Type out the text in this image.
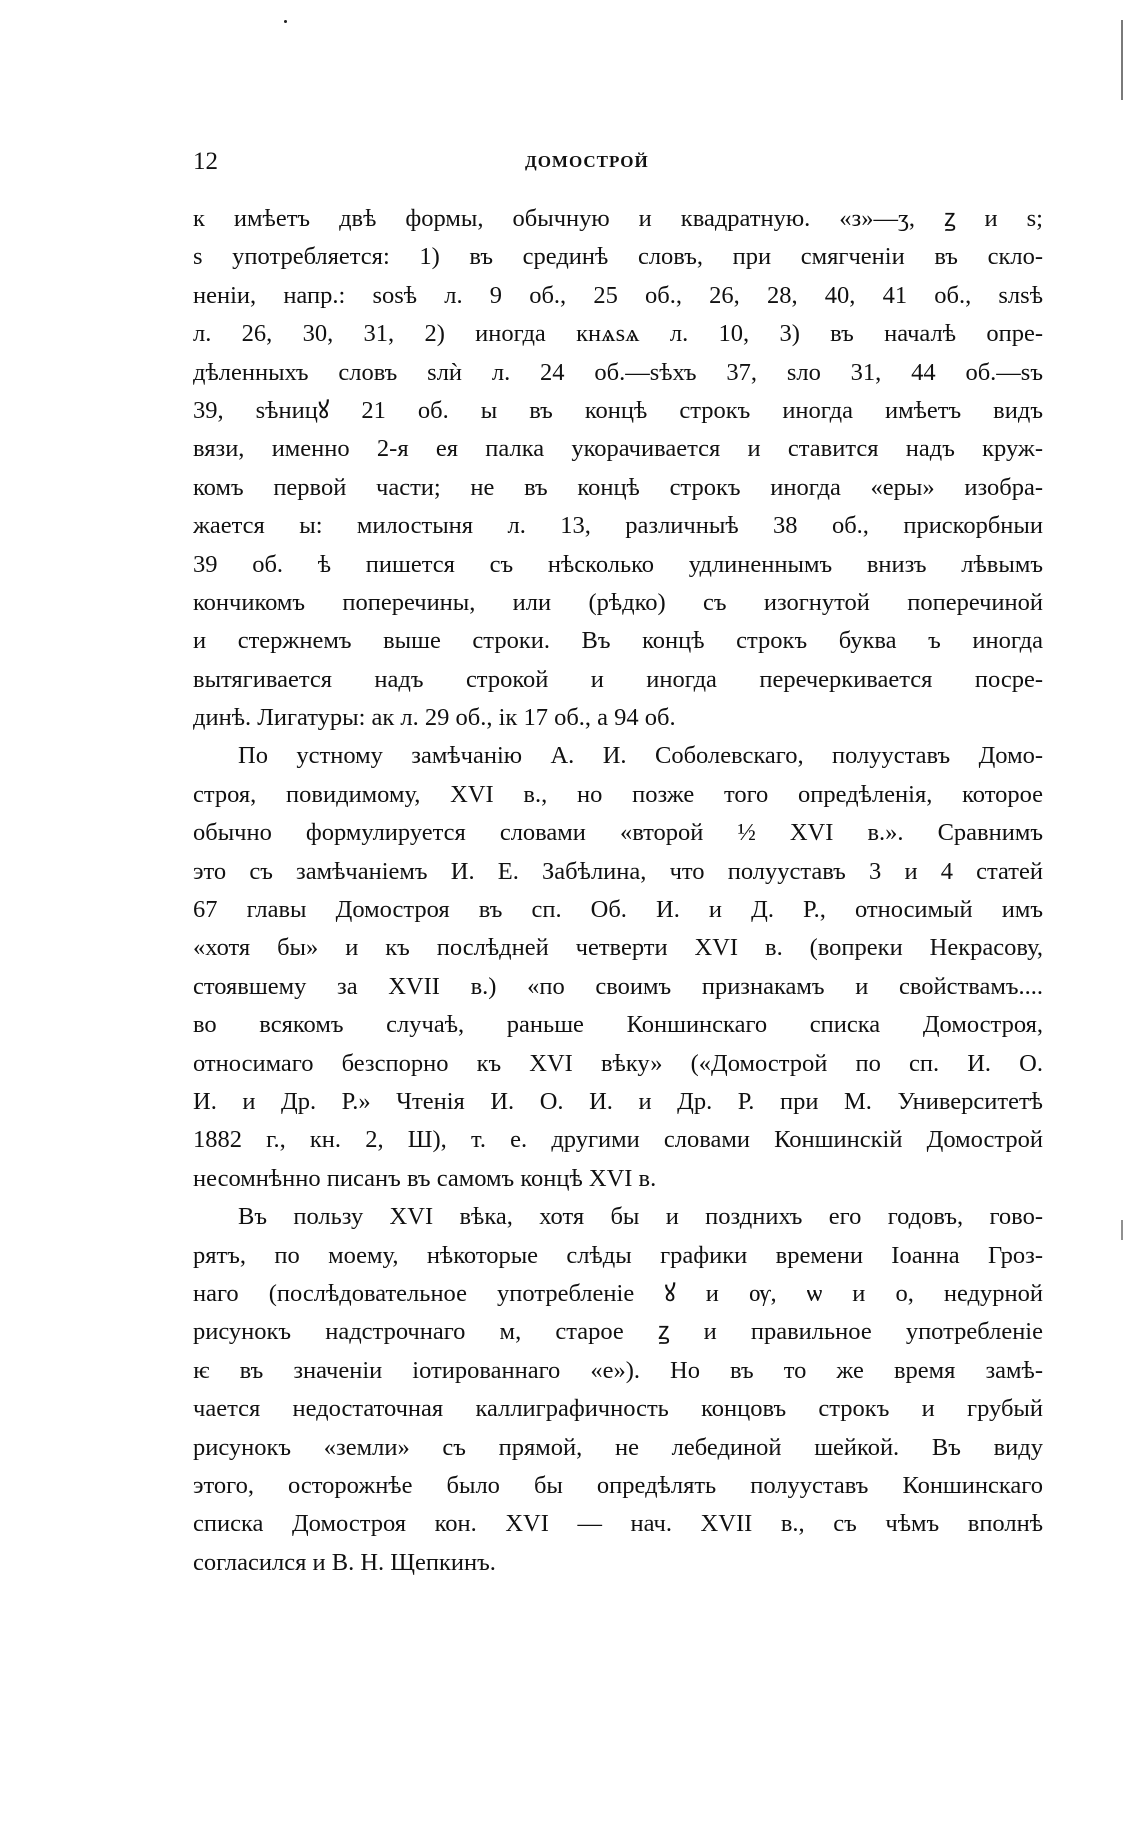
12	ДОМОСТРОЙ
к имѣетъ двѣ формы, обычную и квадратную. «з»—ʒ, ꙁ и ѕ;
ѕ употребляется: 1) въ срединѣ словъ, при смягченіи въ скло-
неніи, напр.: ѕоѕѣ л. 9 об., 25 об., 26, 28, 40, 41 об., ѕлѕѣ
л. 26, 30, 31, 2) иногда кнѧѕѧ л. 10, 3) въ началѣ опре-
дѣленныхъ словъ ѕлѝ л. 24 об.—ѕѣхъ 37, ѕло 31, 44 об.—ѕъ
39, ѕѣницꙋ 21 об. ы въ концѣ строкъ иногда имѣетъ видъ
вязи, именно 2-я ея палка укорачивается и ставится надъ круж-
комъ первой части; не въ концѣ строкъ иногда «еры» изобра-
жается ы: милостыня л. 13, различныѣ 38 об., прискорбныи
39 об. ѣ пишется съ нѣсколько удлиненнымъ внизъ лѣвымъ
кончикомъ поперечины, или (рѣдко) съ изогнутой поперечиной
и стержнемъ выше строки. Въ концѣ строкъ буква ъ иногда
вытягивается надъ строкой и иногда перечеркивается посре-
динѣ. Лигатуры: ак л. 29 об., ік 17 об., а 94 об.
По устному замѣчанію А. И. Соболевскаго, полууставъ Домо-
строя, повидимому, XVI в., но позже того опредѣленія, которое
обычно формулируется словами «второй ½ XVI в.». Сравнимъ
это съ замѣчаніемъ И. Е. Забѣлина, что полууставъ 3 и 4 статей
67 главы Домостроя въ сп. Об. И. и Д. Р., относимый имъ
«хотя бы» и къ послѣдней четверти XVI в. (вопреки Некрасову,
стоявшему за XVII в.) «по своимъ признакамъ и свойствамъ....
во всякомъ случаѣ, раньше Коншинскаго списка Домостроя,
относимаго безспорно къ XVI вѣку» («Домострой по сп. И. О.
И. и Др. Р.» Чтенія И. О. И. и Др. Р. при М. Университетѣ
1882 г., кн. 2, Ш), т. е. другими словами Коншинскій Домострой
несомнѣнно писанъ въ самомъ концѣ XVI в.
Въ пользу XVI вѣка, хотя бы и позднихъ его годовъ, гово-
рятъ, по моему, нѣкоторые слѣды графики времени Іоанна Гроз-
наго (послѣдовательное употребленіе ꙋ и ѹ, ѡ и о, недурной
рисунокъ надстрочнаго м, старое ꙁ и правильное употребленіе
ѥ въ значеніи іотированнаго «е»). Но въ то же время замѣ-
чается недостаточная каллиграфичность концовъ строкъ и грубый
рисунокъ «земли» съ прямой, не лебединой шейкой. Въ виду
этого, осторожнѣе было бы опредѣлять полууставъ Коншинскаго
списка Домостроя кон. XVI — нач. XVII в., съ чѣмъ вполнѣ
согласился и В. Н. Щепкинъ.
